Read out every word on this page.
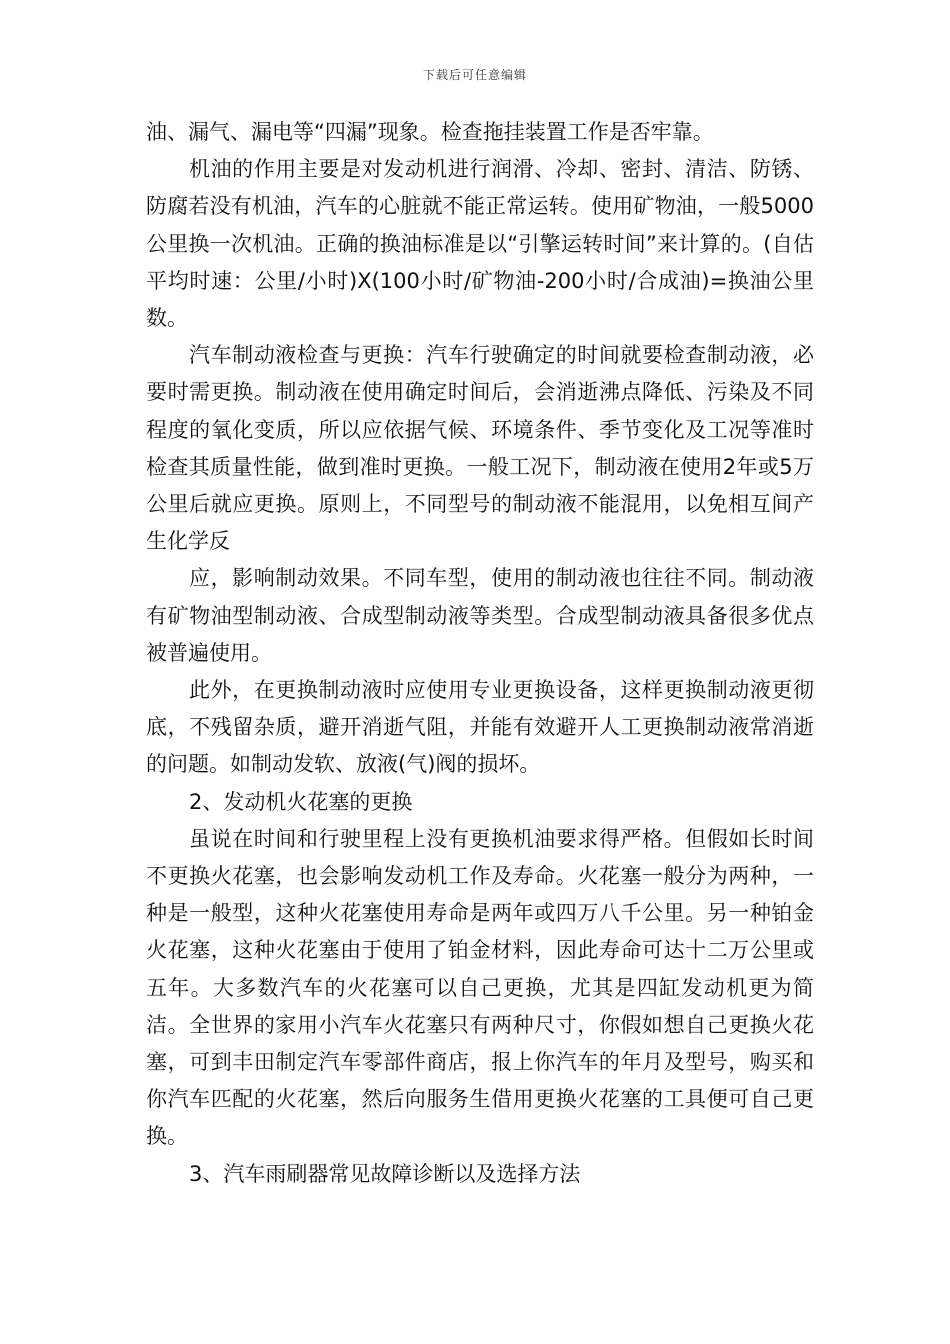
下载后可任意编辑

油、漏气、漏电等“四漏”现象。检查拖挂装置工作是否牢靠。

机油的作用主要是对发动机进行润滑、冷却、密封、清洁、防锈、防腐若没有机油，汽车的心脏就不能正常运转。使用矿物油，一般5000公里换一次机油。正确的换油标准是以“引擎运转时间”来计算的。(自估平均时速：公里/小时)X(100小时/矿物油-200小时/合成油)=换油公里数。

汽车制动液检查与更换：汽车行驶确定的时间就要检查制动液，必要时需更换。制动液在使用确定时间后，会消逝沸点降低、污染及不同程度的氧化变质，所以应依据气候、环境条件、季节变化及工况等准时检查其质量性能，做到准时更换。一般工况下，制动液在使用2年或5万公里后就应更换。原则上，不同型号的制动液不能混用，以免相互间产生化学反

应，影响制动效果。不同车型，使用的制动液也往往不同。制动液有矿物油型制动液、合成型制动液等类型。合成型制动液具备很多优点被普遍使用。

此外，在更换制动液时应使用专业更换设备，这样更换制动液更彻底，不残留杂质，避开消逝气阻，并能有效避开人工更换制动液常消逝的问题。如制动发软、放液(气)阀的损坏。

2、发动机火花塞的更换

虽说在时间和行驶里程上没有更换机油要求得严格。但假如长时间不更换火花塞，也会影响发动机工作及寿命。火花塞一般分为两种，一种是一般型，这种火花塞使用寿命是两年或四万八千公里。另一种铂金火花塞，这种火花塞由于使用了铂金材料，因此寿命可达十二万公里或五年。大多数汽车的火花塞可以自己更换，尤其是四缸发动机更为简洁。全世界的家用小汽车火花塞只有两种尺寸，你假如想自己更换火花塞，可到丰田制定汽车零部件商店，报上你汽车的年月及型号，购买和你汽车匹配的火花塞，然后向服务生借用更换火花塞的工具便可自己更换。

3、汽车雨刷器常见故障诊断以及选择方法
